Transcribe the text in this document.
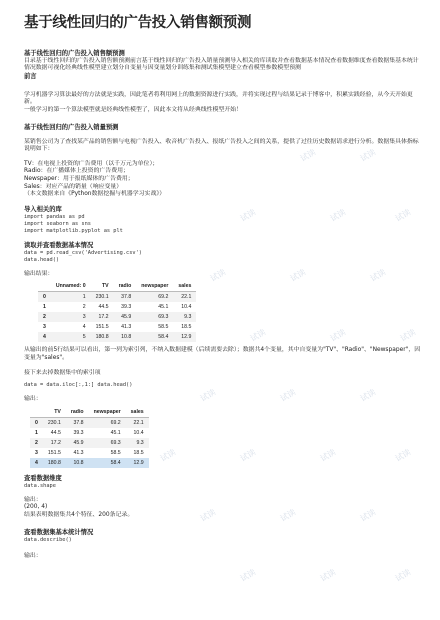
基于线性回归的广告投入销售额预测

基于线性回归的广告投入销售额预测

目录基于线性回归的广告投入销售额预测前言基于线性回归的广告投入销量预测导入相关的库读取并查看数据基本情况查看数据维度查看数据集基本统计情况数据可视化经典线性模型建立划分自变量与因变量划分训练集和测试集模型建立查看模型参数模型预测

前言

学习机器学习算法最好的方法就是实践，因此笔者将利用网上的数据资源进行实践，并将实现过程与结果记录于博客中，积累实践经验，从今天开始更新。

一般学习的第一个算法模型就是经典线性模型了，因此本文将从经典线性模型开始！

基于线性回归的广告投入销量预测

某销售公司为了查找某产品的销售额与电视广告投入、收音机广告投入、报纸广告投入之间的关系，提供了过往历史数据请求进行分析。数据集具体指标说明如下：

TV：在电视上投资的广告费用（以千万元为单位）；

Radio：在广播媒体上投资的广告费用；

Newspaper：用于报纸媒体的广告费用；

Sales：对应产品的销量（响应变量）

（本文数据来自《Python数据挖掘与机器学习实战》）

导入相关的库

import pandas as pd

import seaborn as sns

import matplotlib.pyplot as plt

读取并查看数据基本情况

data = pd.read_csv('Advertising.csv')

data.head()

输出结果：

	Unnamed: 0	TV	radio	newspaper	sales
0	1	230.1	37.8	69.2	22.1
1	2	44.5	39.3	45.1	10.4
2	3	17.2	45.9	69.3	9.3
3	4	151.5	41.3	58.5	18.5
4	5	180.8	10.8	58.4	12.9

从输出的前5行结果可以看出，第一列为索引列，不纳入数据建模（后续需要去除）；数据共4个变量，其中自变量为"TV"、"Radio"、"Newspaper"，因变量为"sales"。

接下来去掉数据集中的索引项

data = data.iloc[:,1:] data.head()

输出：

	TV	radio	newspaper	sales
0	230.1	37.8	69.2	22.1
1	44.5	39.3	45.1	10.4
2	17.2	45.9	69.3	9.3
3	151.5	41.3	58.5	18.5
4	180.8	10.8	58.4	12.9

查看数据维度

data.shape

输出：

(200, 4)

结果表明数据集共4个特征、200条记录。

查看数据集基本统计情况

data.describe()

输出：

试读	试读
试读	试读	试读
试读	试读	试读
试读	试读	试读
试读	试读	试读
试读	试读	试读	试读
试读	试读	试读
试读	试读	试读
